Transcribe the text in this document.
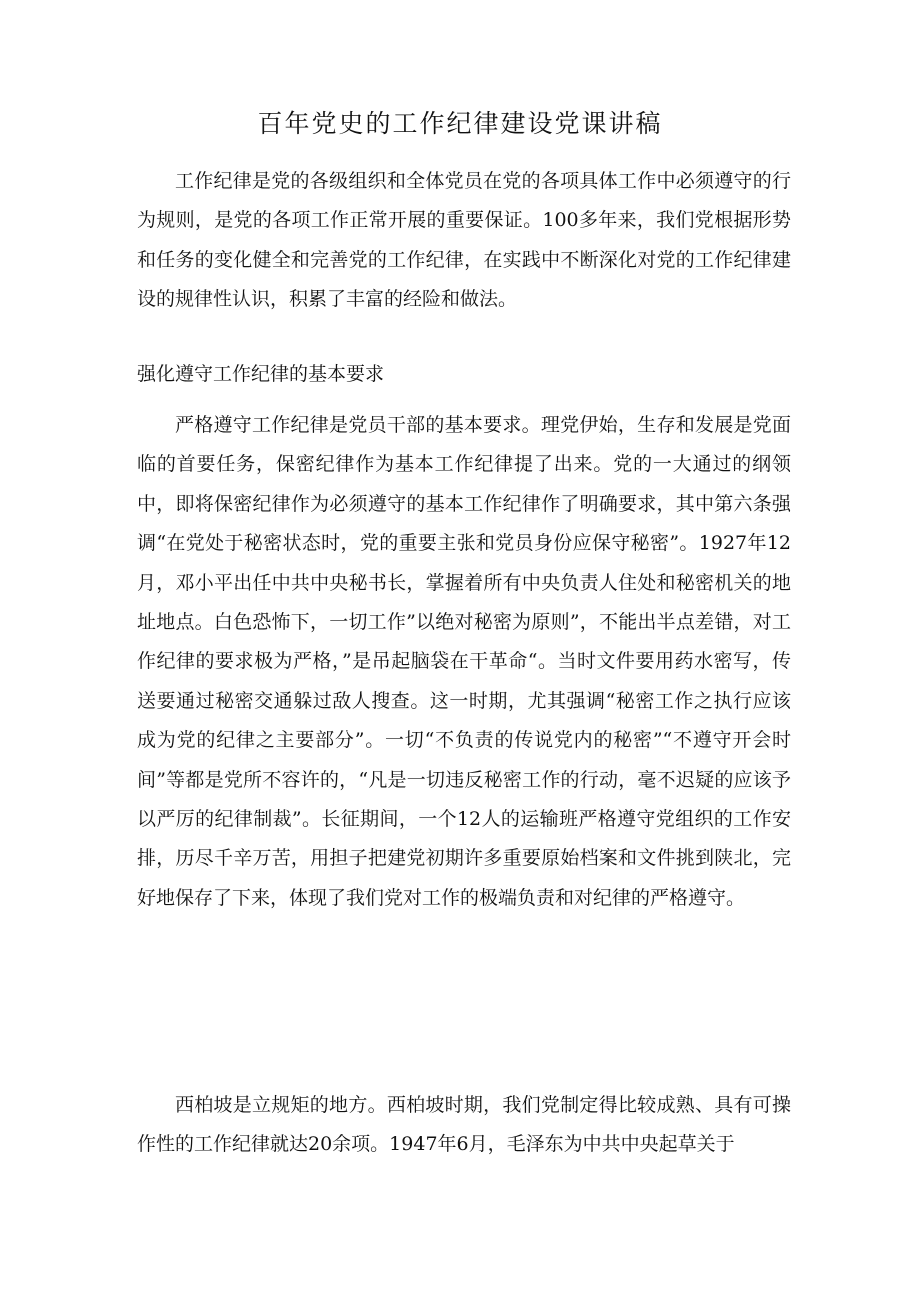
百年党史的工作纪律建设党课讲稿

工作纪律是党的各级组织和全体党员在党的各项具体工作中必须遵守的行为规则，是党的各项工作正常开展的重要保证。100多年来，我们党根据形势和任务的变化健全和完善党的工作纪律，在实践中不断深化对党的工作纪律建设的规律性认识，积累了丰富的经险和做法。

强化遵守工作纪律的基本要求

严格遵守工作纪律是党员干部的基本要求。理党伊始，生存和发展是党面临的首要任务，保密纪律作为基本工作纪律提了出来。党的一大通过的纲领中，即将保密纪律作为必须遵守的基本工作纪律作了明确要求，其中第六条强调“在党处于秘密状态时，党的重要主张和党员身份应保守秘密”。1927年12月，邓小平出任中共中央秘书长，掌握着所有中央负责人住处和秘密机关的地址地点。白色恐怖下，一切工作”以绝对秘密为原则”，不能出半点差错，对工作纪律的要求极为严格，”是吊起脑袋在干革命“。当时文件要用药水密写，传送要通过秘密交通躲过敌人搜查。这一时期，尤其强调“秘密工作之执行应该成为党的纪律之主要部分”。一切“不负责的传说党内的秘密”“不遵守开会时间”等都是党所不容许的，“凡是一切违反秘密工作的行动，毫不迟疑的应该予以严厉的纪律制裁”。长征期间，一个12人的运输班严格遵守党组织的工作安排，历尽千辛万苦，用担子把建党初期许多重要原始档案和文件挑到陕北，完好地保存了下来，体现了我们党对工作的极端负责和对纪律的严格遵守。

西柏坡是立规矩的地方。西柏坡时期，我们党制定得比较成熟、具有可操作性的工作纪律就达20余项。1947年6月，毛泽东为中共中央起草关于
